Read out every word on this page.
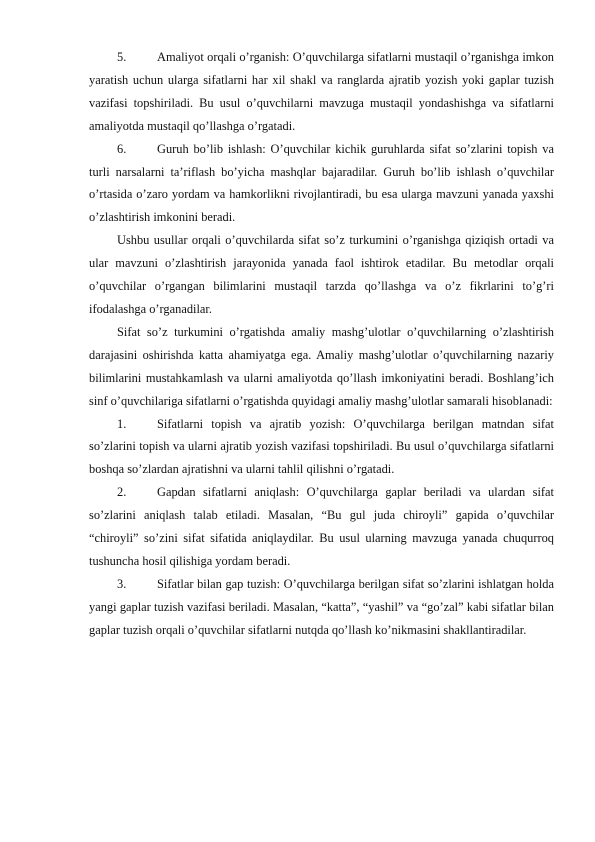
5. Amaliyot orqali o’rganish: O’quvchilarga sifatlarni mustaqil o’rganishga imkon yaratish uchun ularga sifatlarni har xil shakl va ranglarda ajratib yozish yoki gaplar tuzish vazifasi topshiriladi. Bu usul o’quvchilarni mavzuga mustaqil yondashishga va sifatlarni amaliyotda mustaqil qo’llashga o’rgatadi.

6. Guruh bo’lib ishlash: O’quvchilar kichik guruhlarda sifat so’zlarini topish va turli narsalarni ta’riflash bo’yicha mashqlar bajaradilar. Guruh bo’lib ishlash o’quvchilar o’rtasida o’zaro yordam va hamkorlikni rivojlantiradi, bu esa ularga mavzuni yanada yaxshi o’zlashtirish imkonini beradi.

Ushbu usullar orqali o’quvchilarda sifat so’z turkumini o’rganishga qiziqish ortadi va ular mavzuni o’zlashtirish jarayonida yanada faol ishtirok etadilar. Bu metodlar orqali o’quvchilar o’rgangan bilimlarini mustaqil tarzda qo’llashga va o’z fikrlarini to’g’ri ifodalashga o’rganadilar.

Sifat so’z turkumini o’rgatishda amaliy mashg’ulotlar o’quvchilarning o’zlashtirish darajasini oshirishda katta ahamiyatga ega. Amaliy mashg’ulotlar o’quvchilarning nazariy bilimlarini mustahkamlash va ularni amaliyotda qo’llash imkoniyatini beradi. Boshlang’ich sinf o’quvchilariga sifatlarni o’rgatishda quyidagi amaliy mashg’ulotlar samarali hisoblanadi:

1. Sifatlarni topish va ajratib yozish: O’quvchilarga berilgan matndan sifat so’zlarini topish va ularni ajratib yozish vazifasi topshiriladi. Bu usul o’quvchilarga sifatlarni boshqa so’zlardan ajratishni va ularni tahlil qilishni o’rgatadi.

2. Gapdan sifatlarni aniqlash: O’quvchilarga gaplar beriladi va ulardan sifat so’zlarini aniqlash talab etiladi. Masalan, “Bu gul juda chiroyli” gapida o’quvchilar “chiroyli” so’zini sifat sifatida aniqlaydilar. Bu usul ularning mavzuga yanada chuqurroq tushuncha hosil qilishiga yordam beradi.

3. Sifatlar bilan gap tuzish: O’quvchilarga berilgan sifat so’zlarini ishlatgan holda yangi gaplar tuzish vazifasi beriladi. Masalan, “katta”, “yashil” va “go’zal” kabi sifatlar bilan gaplar tuzish orqali o’quvchilar sifatlarni nutqda qo’llash ko’nikmasini shakllantiradilar.
